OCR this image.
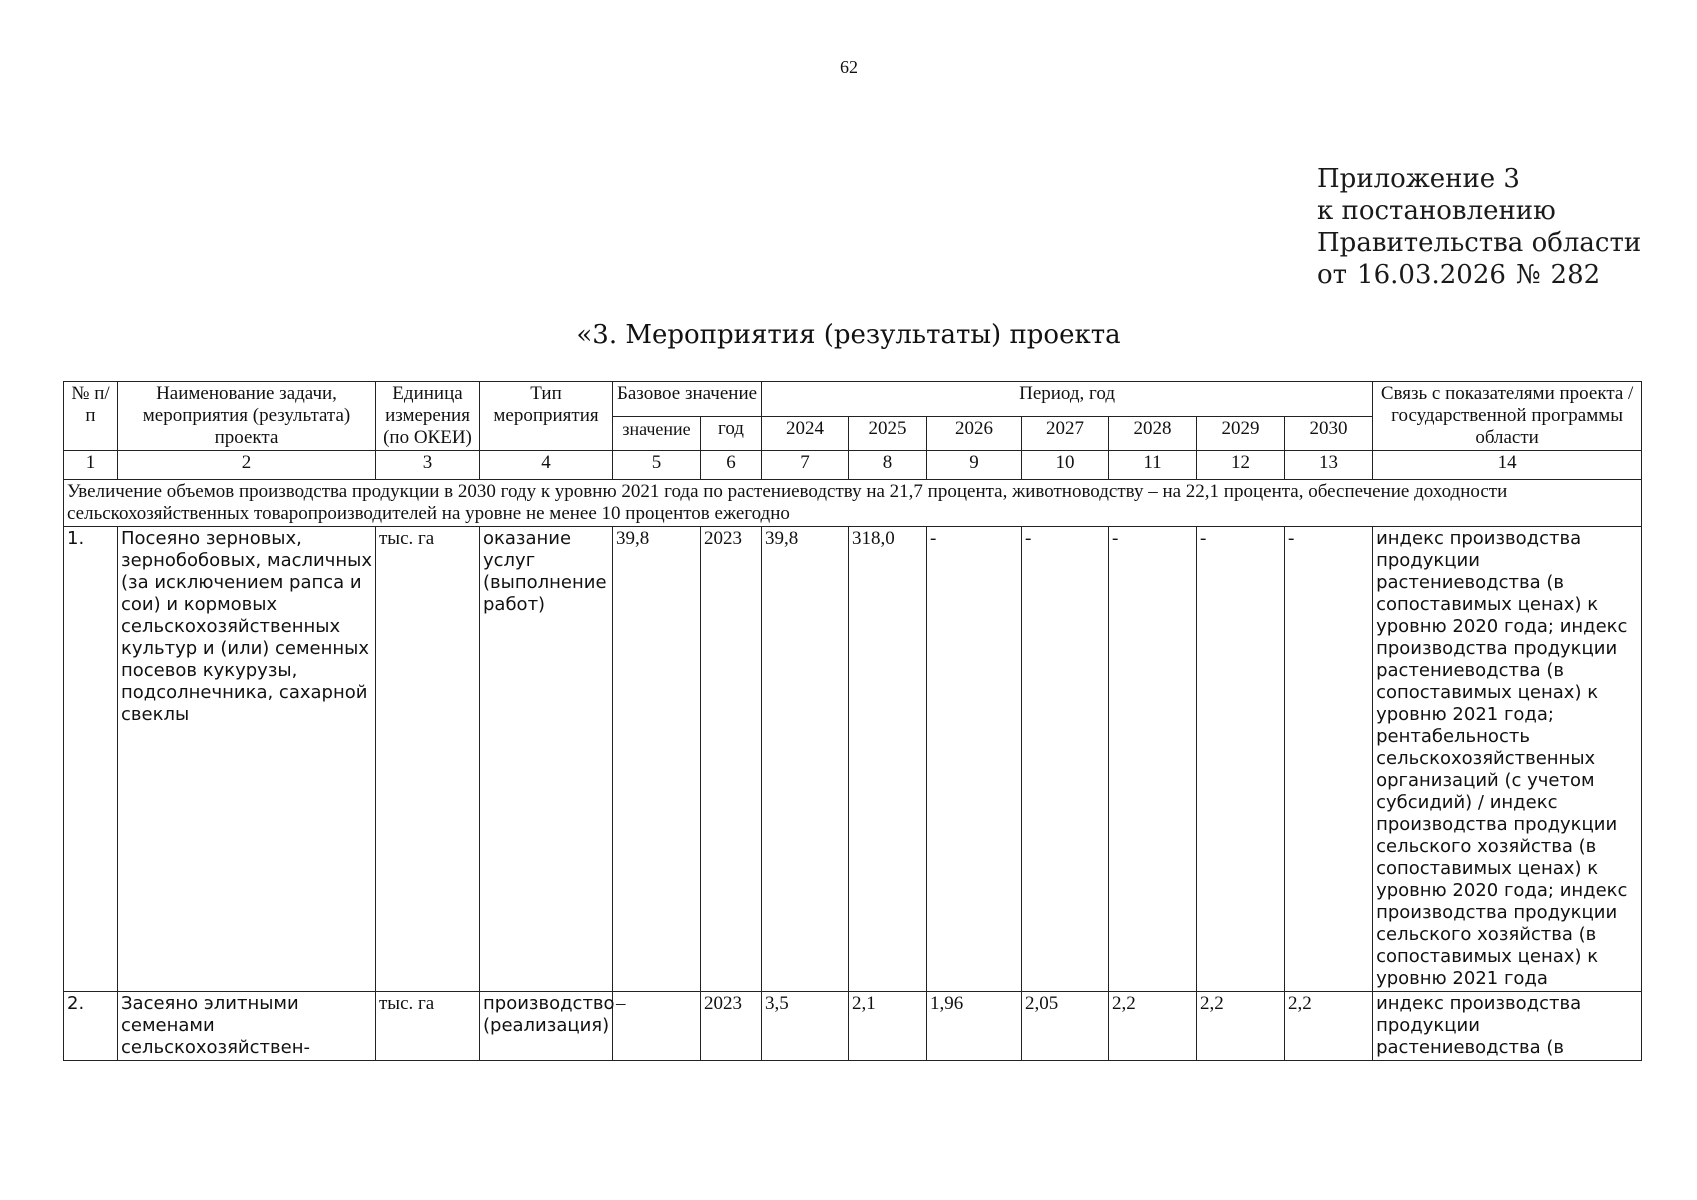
62
Приложение 3
к постановлению
Правительства области
от 16.03.2026 № 282
«3. Мероприятия (результаты) проекта
№ п/п	Наименование задачи, мероприятия (результата) проекта	Единица измерения (по ОКЕИ)	Тип мероприятия	Базовое значение		Период, год							Связь с показателями проекта / государственной программы области
				значение	год	2024	2025	2026	2027	2028	2029	2030	
1	2	3	4	5	6	7	8	9	10	11	12	13	14
Увеличение объемов производства продукции в 2030 году к уровню 2021 года по растениеводству на 21,7 процента, животноводству – на 22,1 процента, обеспечение доходности сельскохозяйственных товаропроизводителей на уровне не менее 10 процентов ежегодно													
1.	Посеяно зерновых, зернобобовых, масличных (за исключением рапса и сои) и кормовых сельскохозяйственных культур и (или) семенных посевов кукурузы, подсолнечника, сахарной свеклы	тыс. га	оказание услуг (выполнение работ)	39,8	2023	39,8	318,0	-	-	-	-	-	индекс производства продукции растениеводства (в сопоставимых ценах) к уровню 2020 года; индекс производства продукции растениеводства (в сопоставимых ценах) к уровню 2021 года; рентабельность сельскохозяйственных организаций (с учетом субсидий) / индекс производства продукции сельского хозяйства (в сопоставимых ценах) к уровню 2020 года; индекс производства продукции сельского хозяйства (в сопоставимых ценах) к уровню 2021 года
2.	Засеяно элитными семенами сельскохозяйствен-	тыс. га	производство (реализация)	–	2023	3,5	2,1	1,96	2,05	2,2	2,2	2,2	индекс производства продукции растениеводства (в
